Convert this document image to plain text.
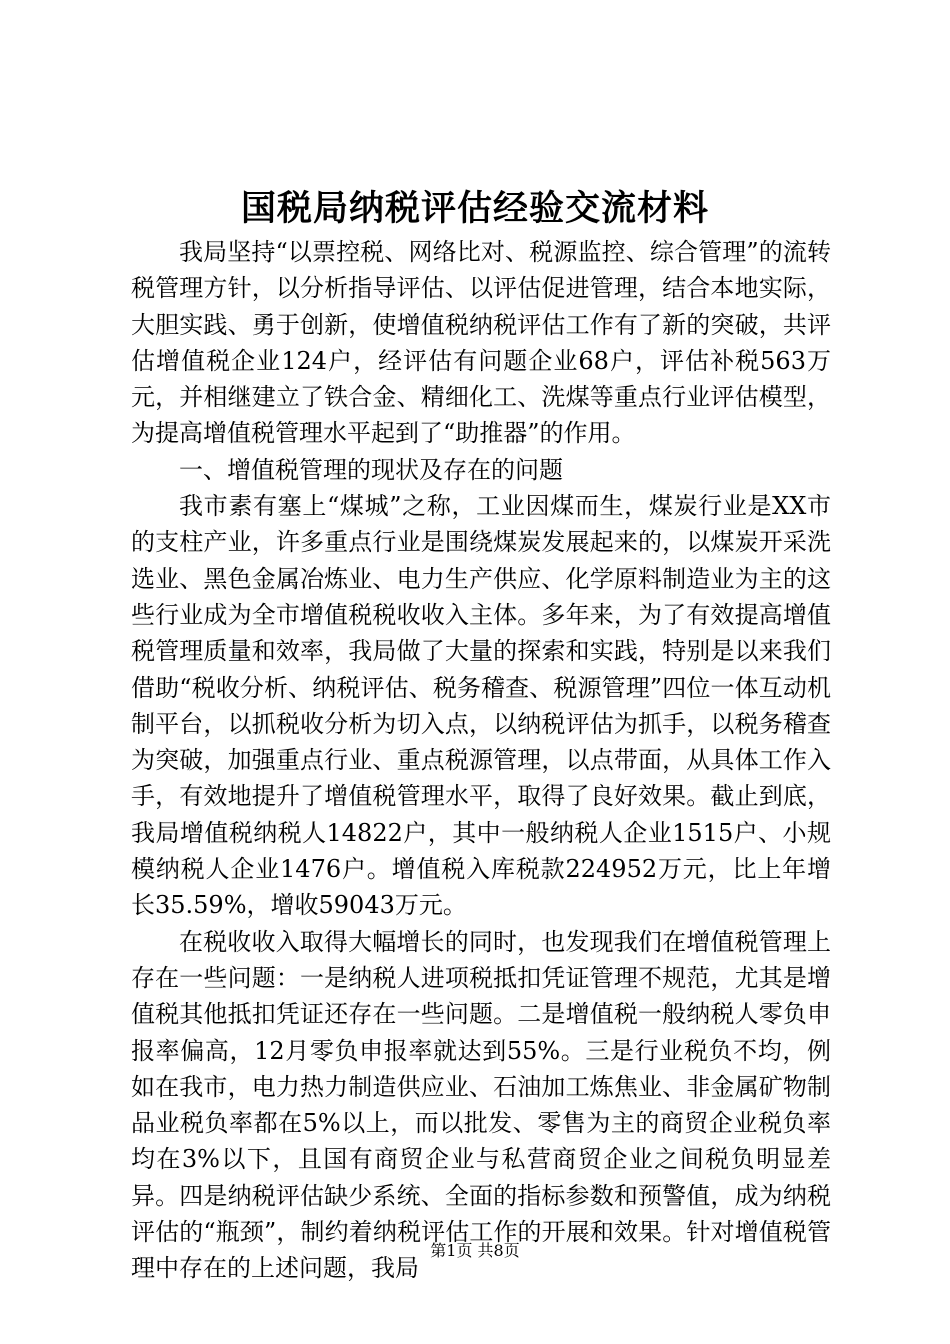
国税局纳税评估经验交流材料

我局坚持“以票控税、网络比对、税源监控、综合管理”的流转税管理方针，以分析指导评估、以评估促进管理，结合本地实际，大胆实践、勇于创新，使增值税纳税评估工作有了新的突破，共评估增值税企业124户，经评估有问题企业68户，评估补税563万元，并相继建立了铁合金、精细化工、洗煤等重点行业评估模型，为提高增值税管理水平起到了“助推器”的作用。

一、增值税管理的现状及存在的问题

我市素有塞上“煤城”之称，工业因煤而生，煤炭行业是XX市的支柱产业，许多重点行业是围绕煤炭发展起来的，以煤炭开采洗选业、黑色金属冶炼业、电力生产供应、化学原料制造业为主的这些行业成为全市增值税税收收入主体。多年来，为了有效提高增值税管理质量和效率，我局做了大量的探索和实践，特别是以来我们借助“税收分析、纳税评估、税务稽查、税源管理”四位一体互动机制平台，以抓税收分析为切入点，以纳税评估为抓手，以税务稽查为突破，加强重点行业、重点税源管理，以点带面，从具体工作入手，有效地提升了增值税管理水平，取得了良好效果。截止到底，我局增值税纳税人14822户，其中一般纳税人企业1515户、小规模纳税人企业1476户。增值税入库税款224952万元，比上年增长35.59%，增收59043万元。

在税收收入取得大幅增长的同时，也发现我们在增值税管理上存在一些问题：一是纳税人进项税抵扣凭证管理不规范，尤其是增值税其他抵扣凭证还存在一些问题。二是增值税一般纳税人零负申报率偏高，12月零负申报率就达到55%。三是行业税负不均，例如在我市，电力热力制造供应业、石油加工炼焦业、非金属矿物制品业税负率都在5%以上，而以批发、零售为主的商贸企业税负率均在3%以下，且国有商贸企业与私营商贸企业之间税负明显差异。四是纳税评估缺少系统、全面的指标参数和预警值，成为纳税评估的“瓶颈”，制约着纳税评估工作的开展和效果。针对增值税管理中存在的上述问题，我局

第1页 共8页
